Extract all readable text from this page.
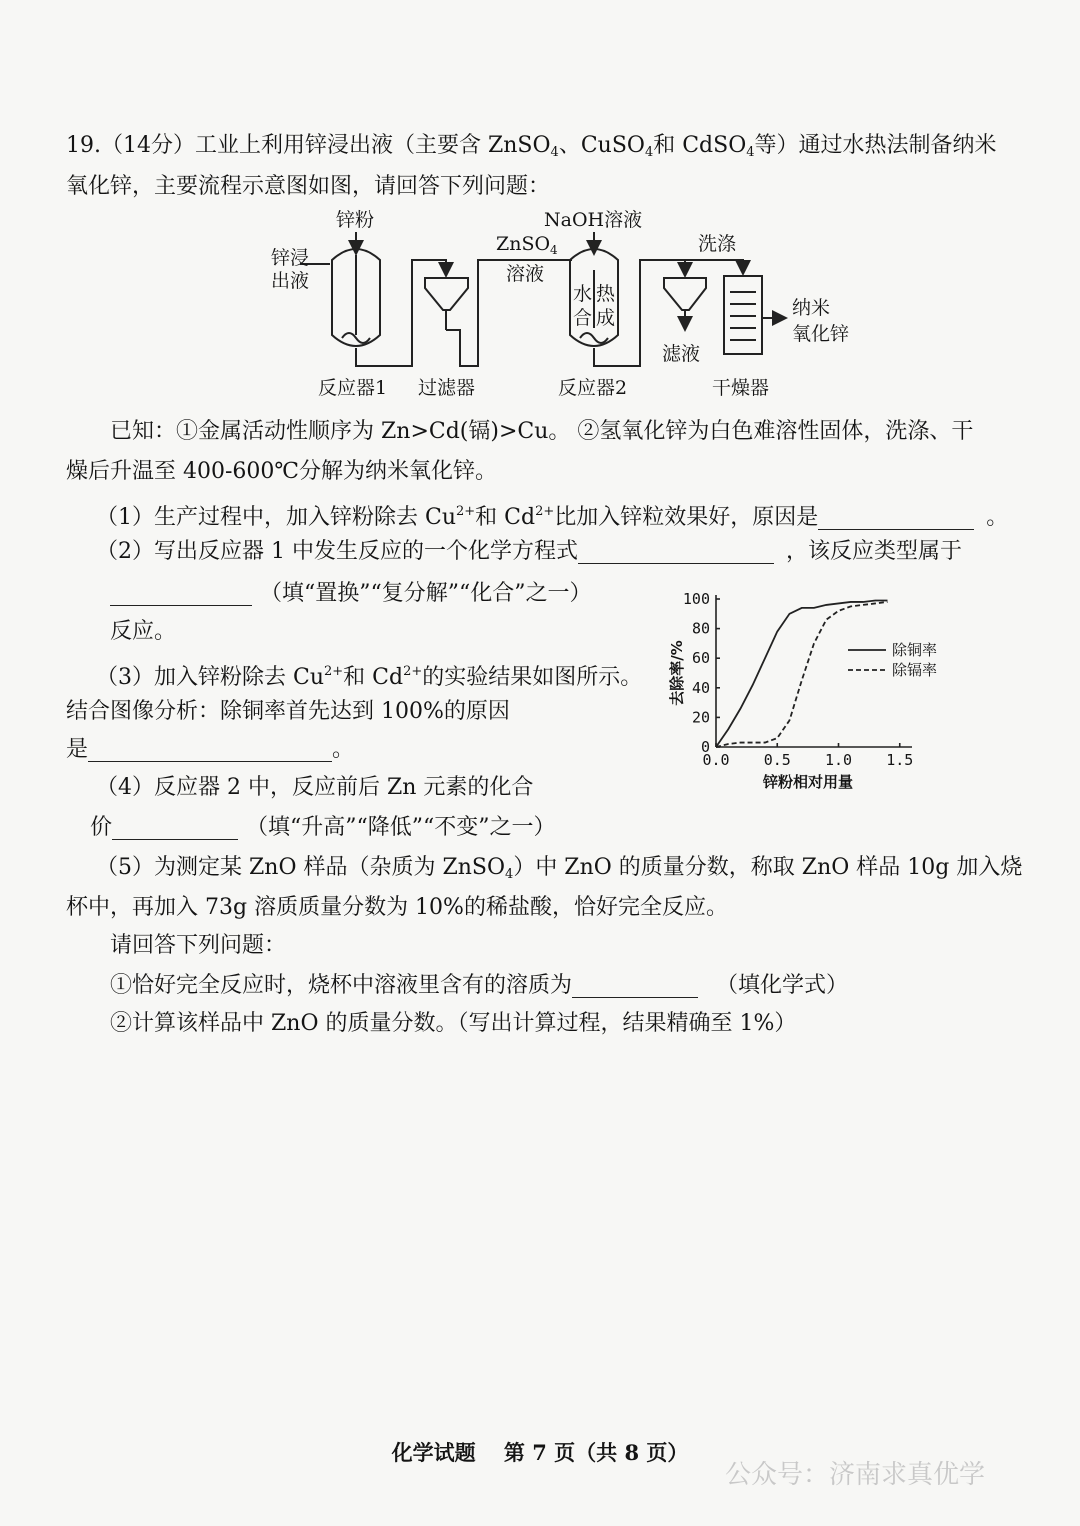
19.（14分）工业上利用锌浸出液（主要含 ZnSO$_4$、CuSO$_4$和 CdSO$_4$等）通过水热法制备纳米
氧化锌，主要流程示意图如图，请回答下列问题：
锌浸
出液
锌粉
ZnSO$_4$
溶液
NaOH溶液
水 热
合 成
洗涤
滤液
纳米
氧化锌
反应器1 过滤器	反应器2	干燥器
已知：①金属活动性顺序为 Zn>Cd(镉)>Cu。 ②氢氧化锌为白色难溶性固体，洗涤、干
燥后升温至 400-600℃分解为纳米氧化锌。
（1）生产过程中，加入锌粉除去 $Cu^{2+}$和 $Cd^{2+}$比加入锌粒效果好，原因是	。
（2）写出反应器 1 中发生反应的一个化学方程式	，该反应类型属于
（填“置换”“复分解”“化合”之一）
反应。
（3）加入锌粉除去 $Cu^{2+}$和 $Cd^{2+}$的实验结果如图所示。
结合图像分析：除铜率首先达到 100%的原因
是	。	0
20
40
60
80
100
0.0 0.5 1.0 1.5
锌粉相对用量
去除率/%	除铜率
除镉率
（4）反应器 2 中，反应前后 Zn 元素的化合
价	（填“升高”“降低”“不变”之一）
（5）为测定某 ZnO 样品（杂质为 ZnSO$_4$）中 ZnO 的质量分数，称取 ZnO 样品 10g 加入烧
杯中，再加入 73g 溶质质量分数为 10%的稀盐酸，恰好完全反应。
请回答下列问题：
①恰好完全反应时，烧杯中溶液里含有的溶质为	（填化学式）
②计算该样品中 ZnO 的质量分数。（写出计算过程，结果精确至 1%）
化学试题　 第 7 页（共 8 页）
公众号：济南求真优学
